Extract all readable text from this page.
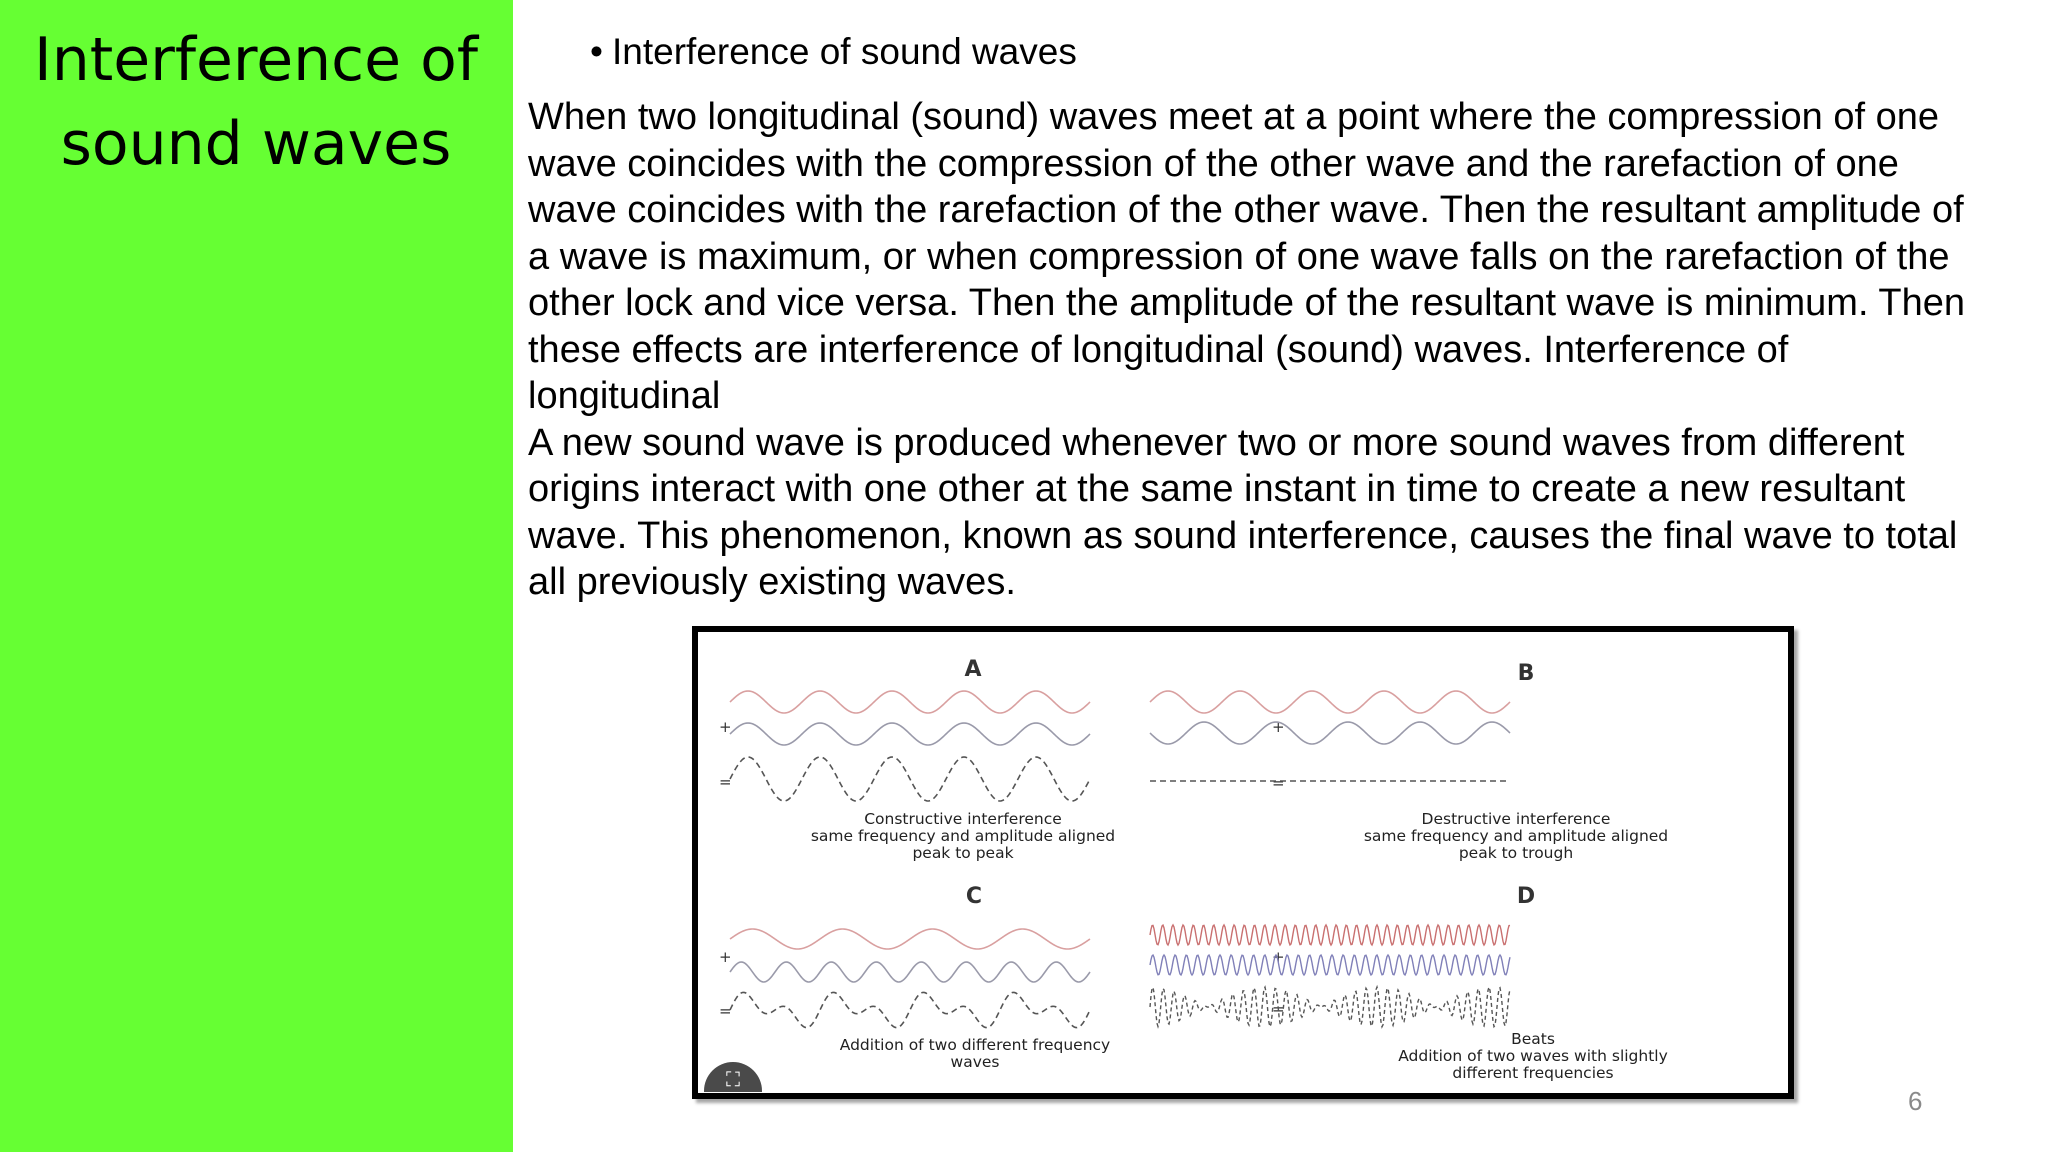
Interference of
sound waves
• Interference of sound waves

When two longitudinal (sound) waves meet at a point where the compression of one wave coincides with the compression of the other wave and the rarefaction of one wave coincides with the rarefaction of the other wave. Then the resultant amplitude of a wave is maximum, or when compression of one wave falls on the rarefaction of the other lock and vice versa. Then the amplitude of the resultant wave is minimum. Then these effects are interference of longitudinal (sound) waves. Interference of longitudinal

A new sound wave is produced whenever two or more sound waves from different origins interact with one other at the same instant in time to create a new resultant wave. This phenomenon, known as sound interference, causes the final wave to total all previously existing waves.

A	B
C	D
+
=
+
=
+
=
+
=
Constructive interference
same frequency and amplitude aligned
peak to peak
Destructive interference
same frequency and amplitude aligned
peak to trough
Addition of two different frequency
waves
Beats
Addition of two waves with slightly
different frequencies
⛶
6
